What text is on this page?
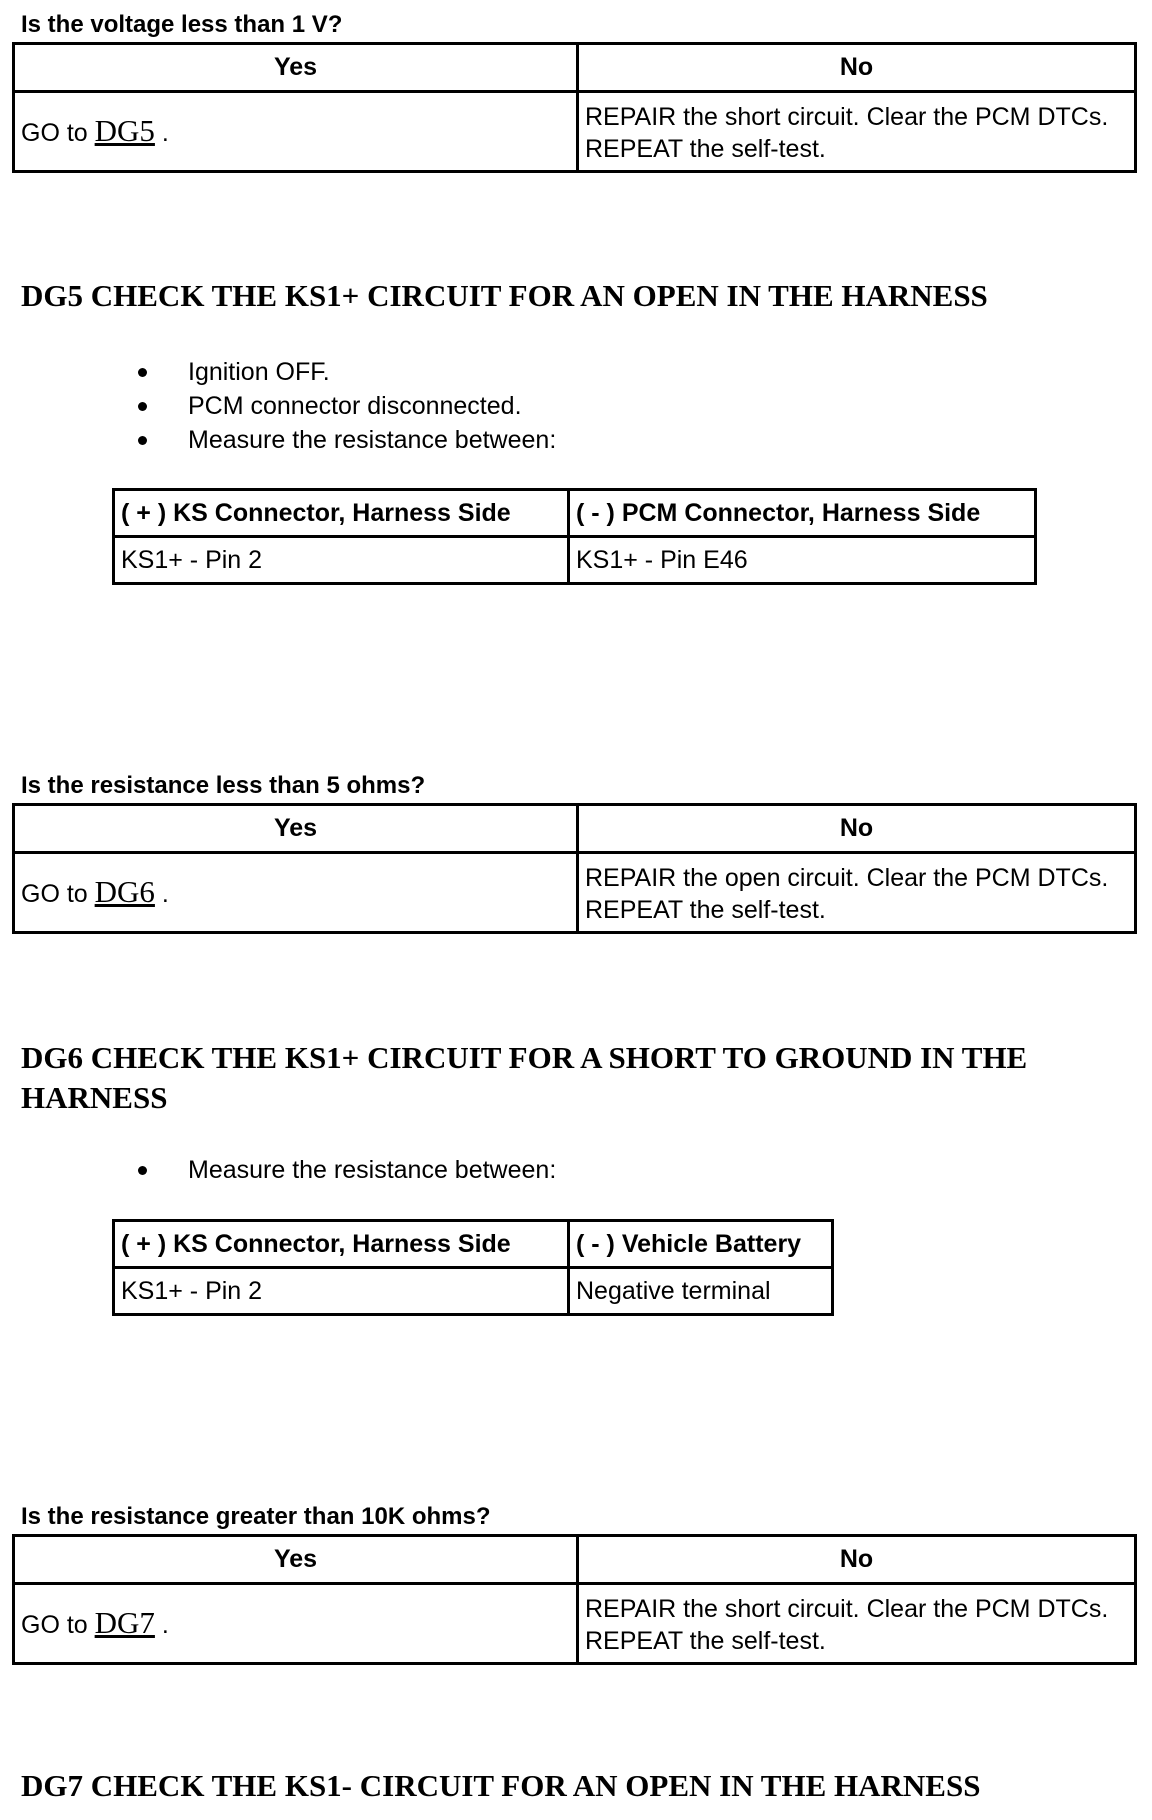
Is the voltage less than 1 V?
Yes	No
GO to DG5 .	REPAIR the short circuit. Clear the PCM DTCs. REPEAT the self-test.
DG5 CHECK THE KS1+ CIRCUIT FOR AN OPEN IN THE HARNESS
Ignition OFF.
PCM connector disconnected.
Measure the resistance between:
( + ) KS Connector, Harness Side	( - ) PCM Connector, Harness Side
KS1+ - Pin 2	KS1+ - Pin E46
Is the resistance less than 5 ohms?
Yes	No
GO to DG6 .	REPAIR the open circuit. Clear the PCM DTCs. REPEAT the self-test.
DG6 CHECK THE KS1+ CIRCUIT FOR A SHORT TO GROUND IN THE HARNESS
Measure the resistance between:
( + ) KS Connector, Harness Side	( - ) Vehicle Battery
KS1+ - Pin 2	Negative terminal
Is the resistance greater than 10K ohms?
Yes	No
GO to DG7 .	REPAIR the short circuit. Clear the PCM DTCs. REPEAT the self-test.
DG7 CHECK THE KS1- CIRCUIT FOR AN OPEN IN THE HARNESS
